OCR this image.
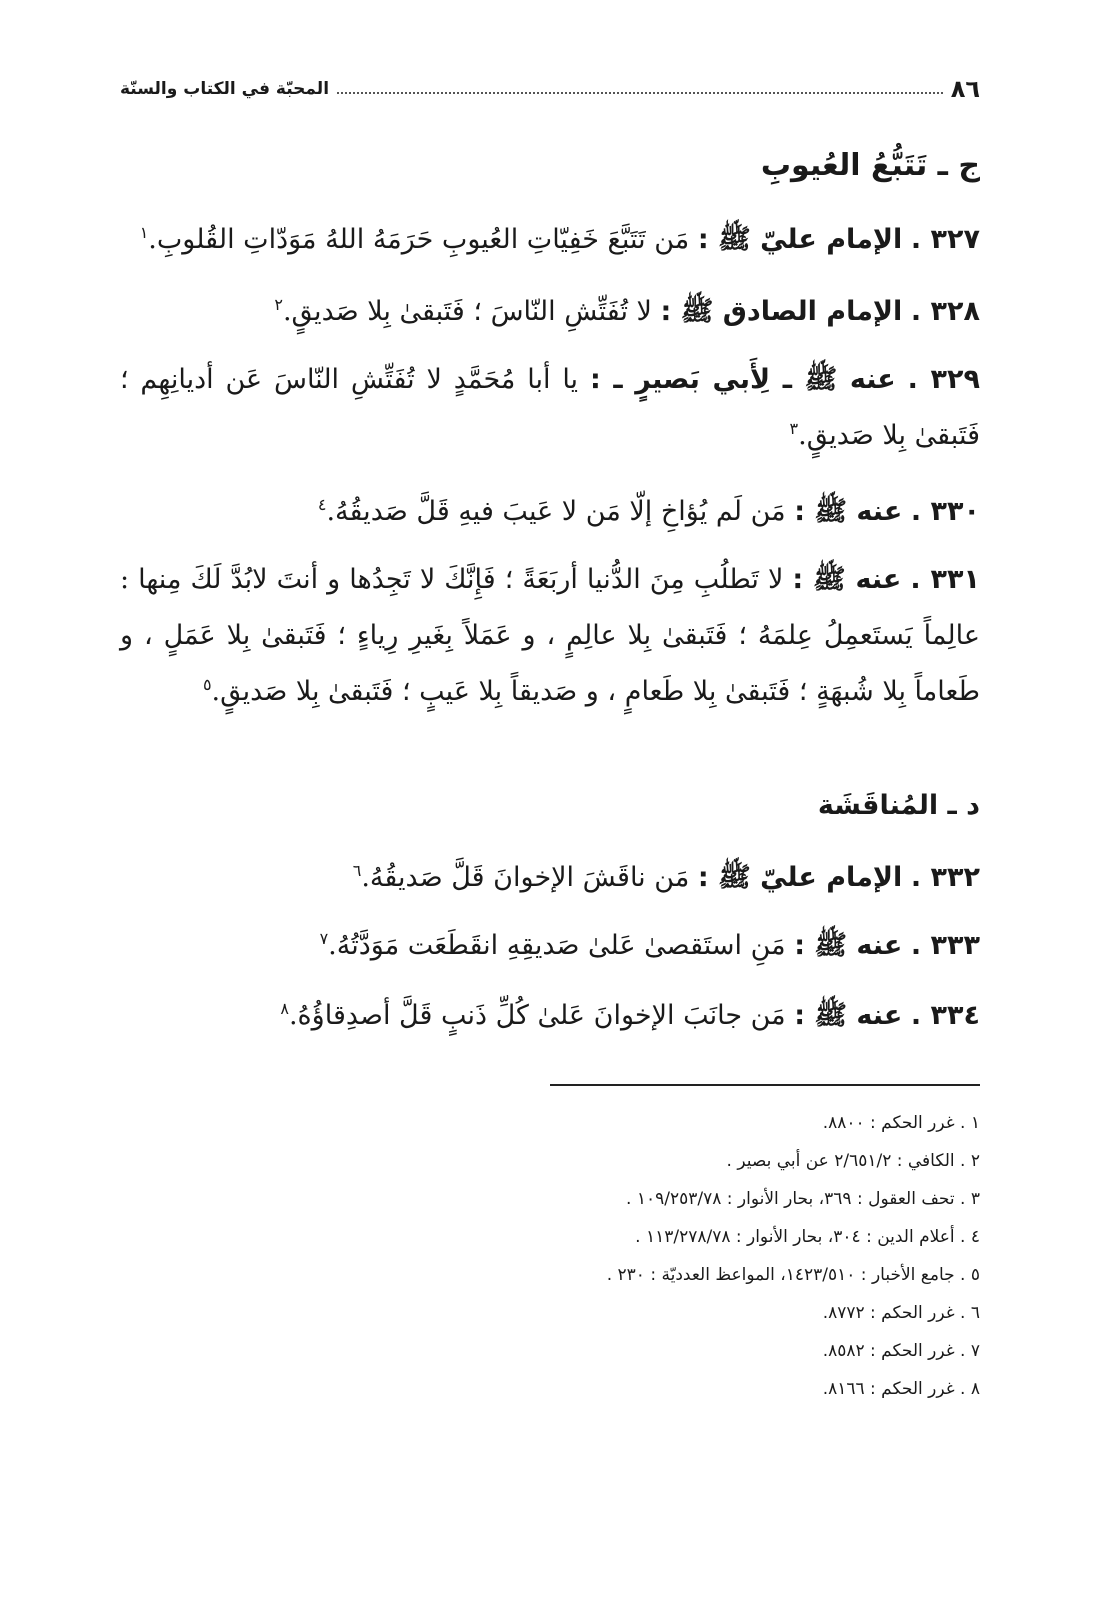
٨٦
المحبّة في الكتاب والسنّة
ج ـ تَتَبُّعُ العُيوبِ
٣٢٧ . الإمام عليّ ﷺ : مَن تَتَبَّعَ خَفِيّاتِ العُيوبِ حَرَمَهُ اللهُ مَوَدّاتِ القُلوبِ.$^١$
٣٢٨ . الإمام الصادق ﷺ : لا تُفَتِّشِ النّاسَ ؛ فَتَبقىٰ بِلا صَديقٍ.$^٢$
٣٢٩ . عنه ﷺ ـ لِأَبي بَصيرٍ ـ : يا أبا مُحَمَّدٍ لا تُفَتِّشِ النّاسَ عَن أديانِهِم ؛ فَتَبقىٰ بِلا صَديقٍ.$^٣$
٣٣٠ . عنه ﷺ : مَن لَم يُؤاخِ إلّا مَن لا عَيبَ فيهِ قَلَّ صَديقُهُ.$^٤$
٣٣١ . عنه ﷺ : لا تَطلُبِ مِنَ الدُّنيا أربَعَةً ؛ فَإِنَّكَ لا تَجِدُها و أنتَ لابُدَّ لَكَ مِنها : عالِماً يَستَعمِلُ عِلمَهُ ؛ فَتَبقىٰ بِلا عالِمٍ ، و عَمَلاً بِغَيرِ رِياءٍ ؛ فَتَبقىٰ بِلا عَمَلٍ ، و طَعاماً بِلا شُبهَةٍ ؛ فَتَبقىٰ بِلا طَعامٍ ، و صَديقاً بِلا عَيبٍ ؛ فَتَبقىٰ بِلا صَديقٍ.$^٥$
د ـ المُناقَشَة
٣٣٢ . الإمام عليّ ﷺ : مَن ناقَشَ الإخوانَ قَلَّ صَديقُهُ.$^٦$
٣٣٣ . عنه ﷺ : مَنِ استَقصىٰ عَلىٰ صَديقِهِ انقَطَعَت مَوَدَّتُهُ.$^٧$
٣٣٤ . عنه ﷺ : مَن جانَبَ الإخوانَ عَلىٰ كُلِّ ذَنبٍ قَلَّ أصدِقاؤُهُ.$^٨$
١ . غرر الحكم : ٨٨٠٠.
٢ . الكافي : ٢/٦٥١/٢ عن أبي بصير .
٣ . تحف العقول : ٣٦٩، بحار الأنوار : ١٠٩/٢٥٣/٧٨ .
٤ . أعلام الدين : ٣٠٤، بحار الأنوار : ١١٣/٢٧٨/٧٨ .
٥ . جامع الأخبار : ١٤٢٣/٥١٠، المواعظ العدديّة : ٢٣٠ .
٦ . غرر الحكم : ٨٧٧٢.
٧ . غرر الحكم : ٨٥٨٢.
٨ . غرر الحكم : ٨١٦٦.
